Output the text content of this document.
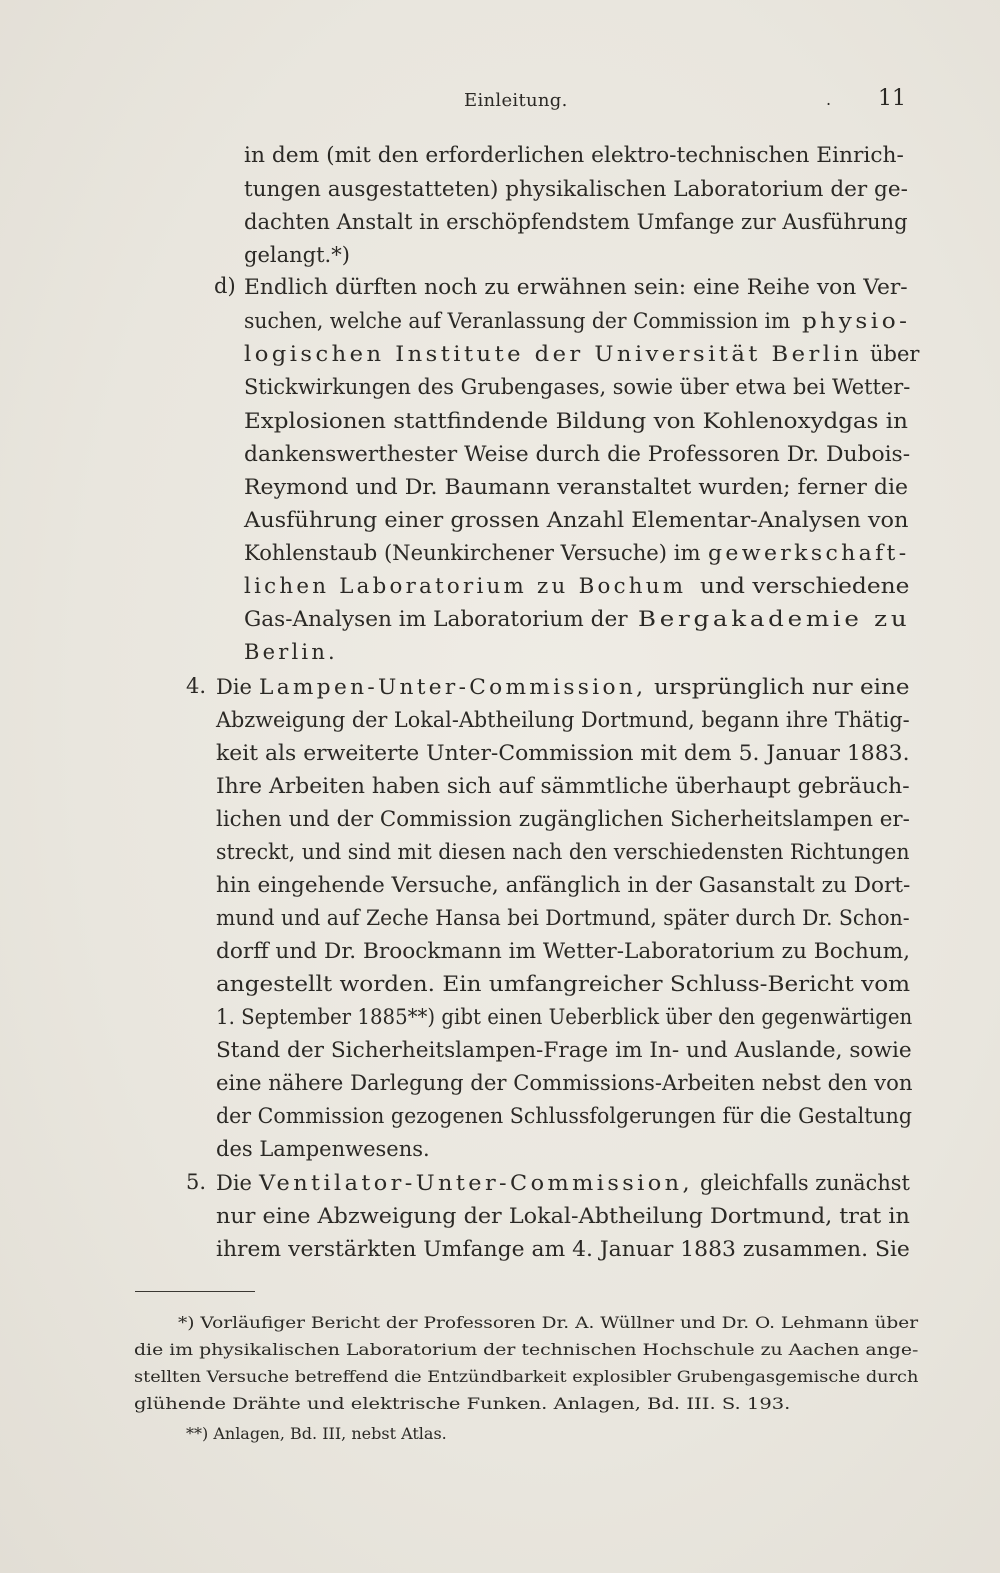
Einleitung.	. 11
in dem (mit den erforderlichen elektro-technischen Einrich-
tungen ausgestatteten) physikalischen Laboratorium der ge-
dachten Anstalt in erschöpfendstem Umfange zur Ausführung
gelangt.*)
d) Endlich dürften noch zu erwähnen sein: eine Reihe von Ver-
suchen, welche auf Veranlassung der Commission im physio-
logischen Institute der Universität Berlin über
Stickwirkungen des Grubengases, sowie über etwa bei Wetter-
Explosionen stattfindende Bildung von Kohlenoxydgas in
dankenswerthester Weise durch die Professoren Dr. Dubois-
Reymond und Dr. Baumann veranstaltet wurden; ferner die
Ausführung einer grossen Anzahl Elementar-Analysen von
Kohlenstaub (Neunkirchener Versuche) im gewerkschaft-
lichen Laboratorium zu Bochum und verschiedene
Gas-Analysen im Laboratorium der Bergakademie zu
Berlin.
4. Die Lampen-Unter-Commission, ursprünglich nur eine
Abzweigung der Lokal-Abtheilung Dortmund, begann ihre Thätig-
keit als erweiterte Unter-Commission mit dem 5. Januar 1883.
Ihre Arbeiten haben sich auf sämmtliche überhaupt gebräuch-
lichen und der Commission zugänglichen Sicherheitslampen er-
streckt, und sind mit diesen nach den verschiedensten Richtungen
hin eingehende Versuche, anfänglich in der Gasanstalt zu Dort-
mund und auf Zeche Hansa bei Dortmund, später durch Dr. Schon-
dorff und Dr. Broockmann im Wetter-Laboratorium zu Bochum,
angestellt worden. Ein umfangreicher Schluss-Bericht vom
1. September 1885**) gibt einen Ueberblick über den gegenwärtigen
Stand der Sicherheitslampen-Frage im In- und Auslande, sowie
eine nähere Darlegung der Commissions-Arbeiten nebst den von
der Commission gezogenen Schlussfolgerungen für die Gestaltung
des Lampenwesens.
5. Die Ventilator-Unter-Commission, gleichfalls zunächst
nur eine Abzweigung der Lokal-Abtheilung Dortmund, trat in
ihrem verstärkten Umfange am 4. Januar 1883 zusammen. Sie
*) Vorläufiger Bericht der Professoren Dr. A. Wüllner und Dr. O. Lehmann über
die im physikalischen Laboratorium der technischen Hochschule zu Aachen ange-
stellten Versuche betreffend die Entzündbarkeit explosibler Grubengasgemische durch
glühende Drähte und elektrische Funken. Anlagen, Bd. III. S. 193.
**) Anlagen, Bd. III, nebst Atlas.
